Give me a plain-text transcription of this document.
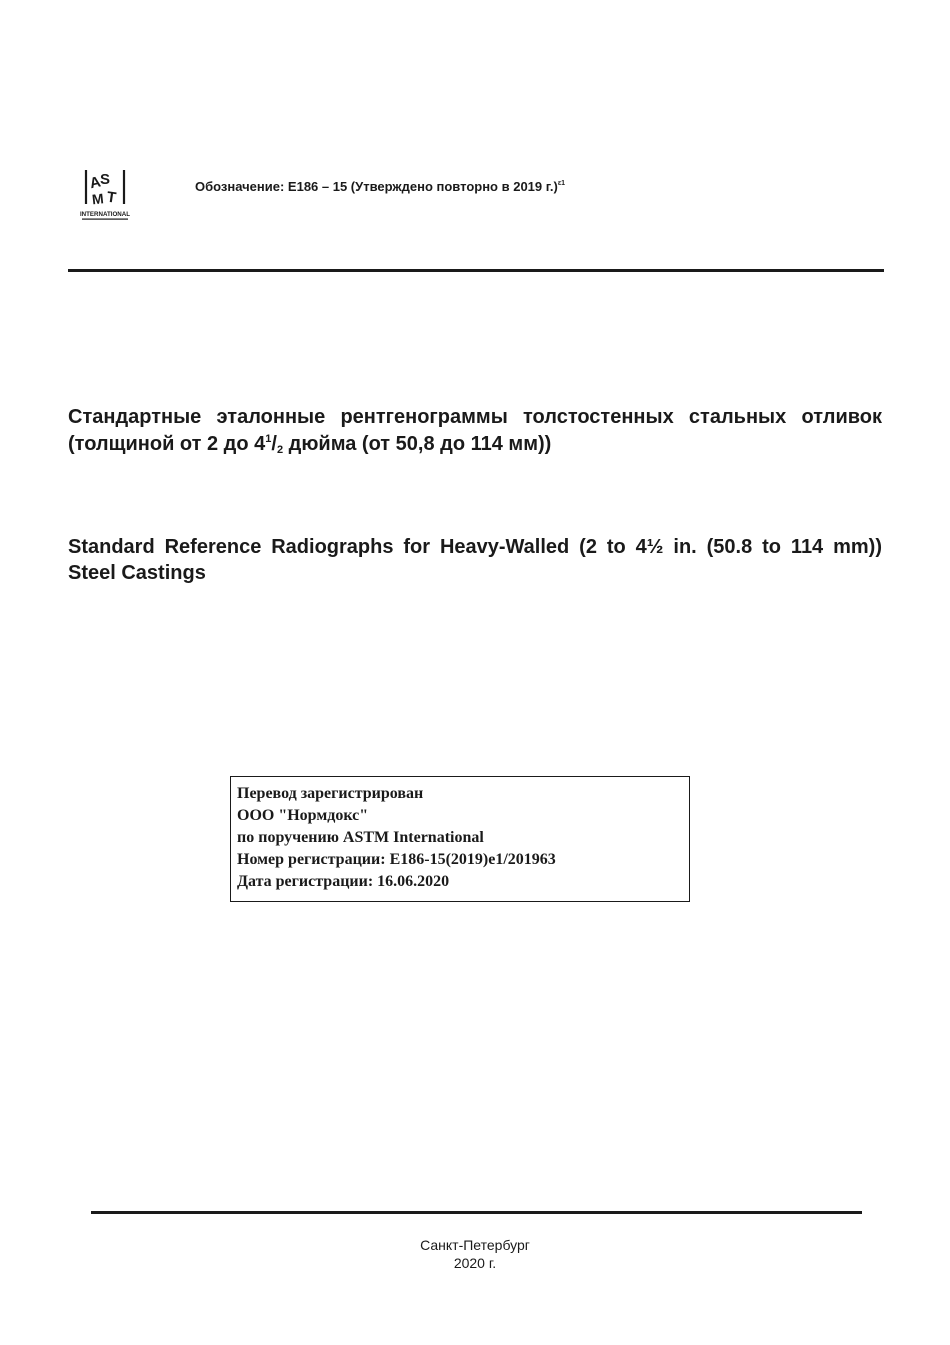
A
S
T
M
INTERNATIONAL
Обозначение: E186 – 15 (Утверждено повторно в 2019 г.)$^{\varepsilon 1}$
Стандартные эталонные рентгенограммы толстостенных стальных отливок (толщиной от 2 до $4^1/2$ дюйма (от 50,8 до 114 мм))
Standard Reference Radiographs for Heavy-Walled (2 to 4½ in. (50.8 to 114 mm)) Steel Castings
Перевод зарегистрирован
ООО "Нормдокс"
по поручению ASTM International
Номер регистрации: E186-15(2019)e1/201963
Дата регистрации: 16.06.2020
Санкт-Петербург
2020 г.
